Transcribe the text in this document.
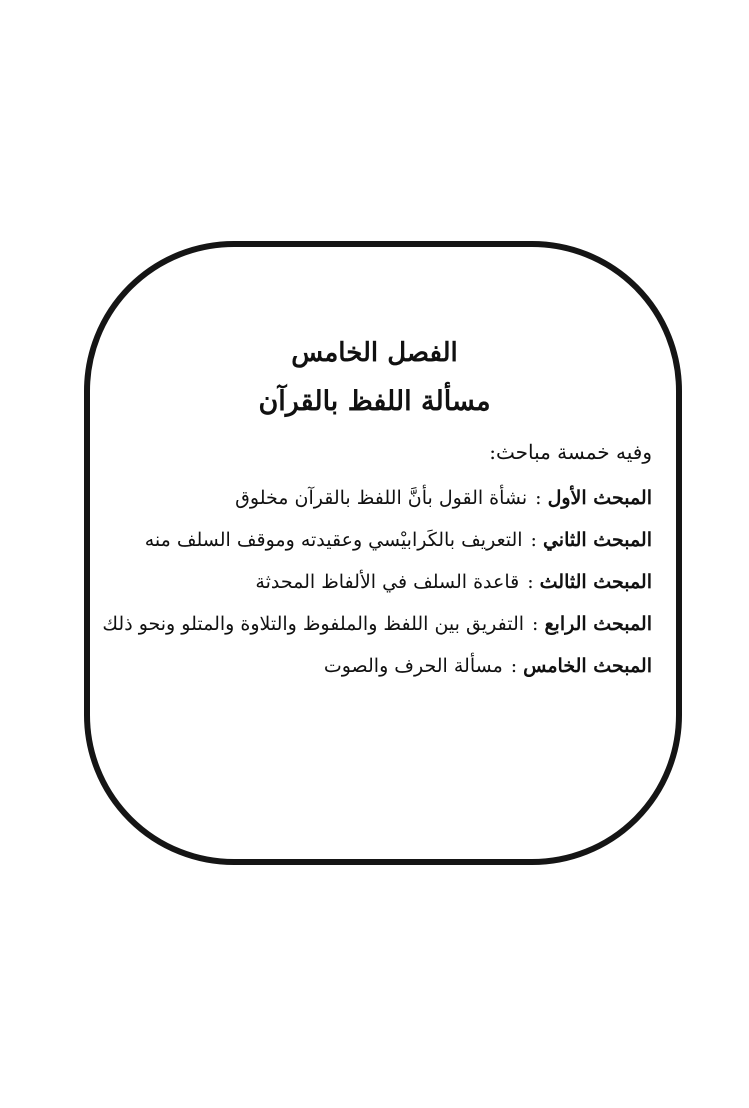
الفصل الخامس
مسألة اللفظ بالقرآن
وفيه خمسة مباحث:
المبحث الأول:نشأة القول بأنَّ اللفظ بالقرآن مخلوق
المبحث الثاني:التعريف بالكَرابيْسي وعقيدته وموقف السلف منه
المبحث الثالث:قاعدة السلف في الألفاظ المحدثة
المبحث الرابع:التفريق بين اللفظ والملفوظ والتلاوة والمتلو ونحو ذلك
المبحث الخامس:مسألة الحرف والصوت
